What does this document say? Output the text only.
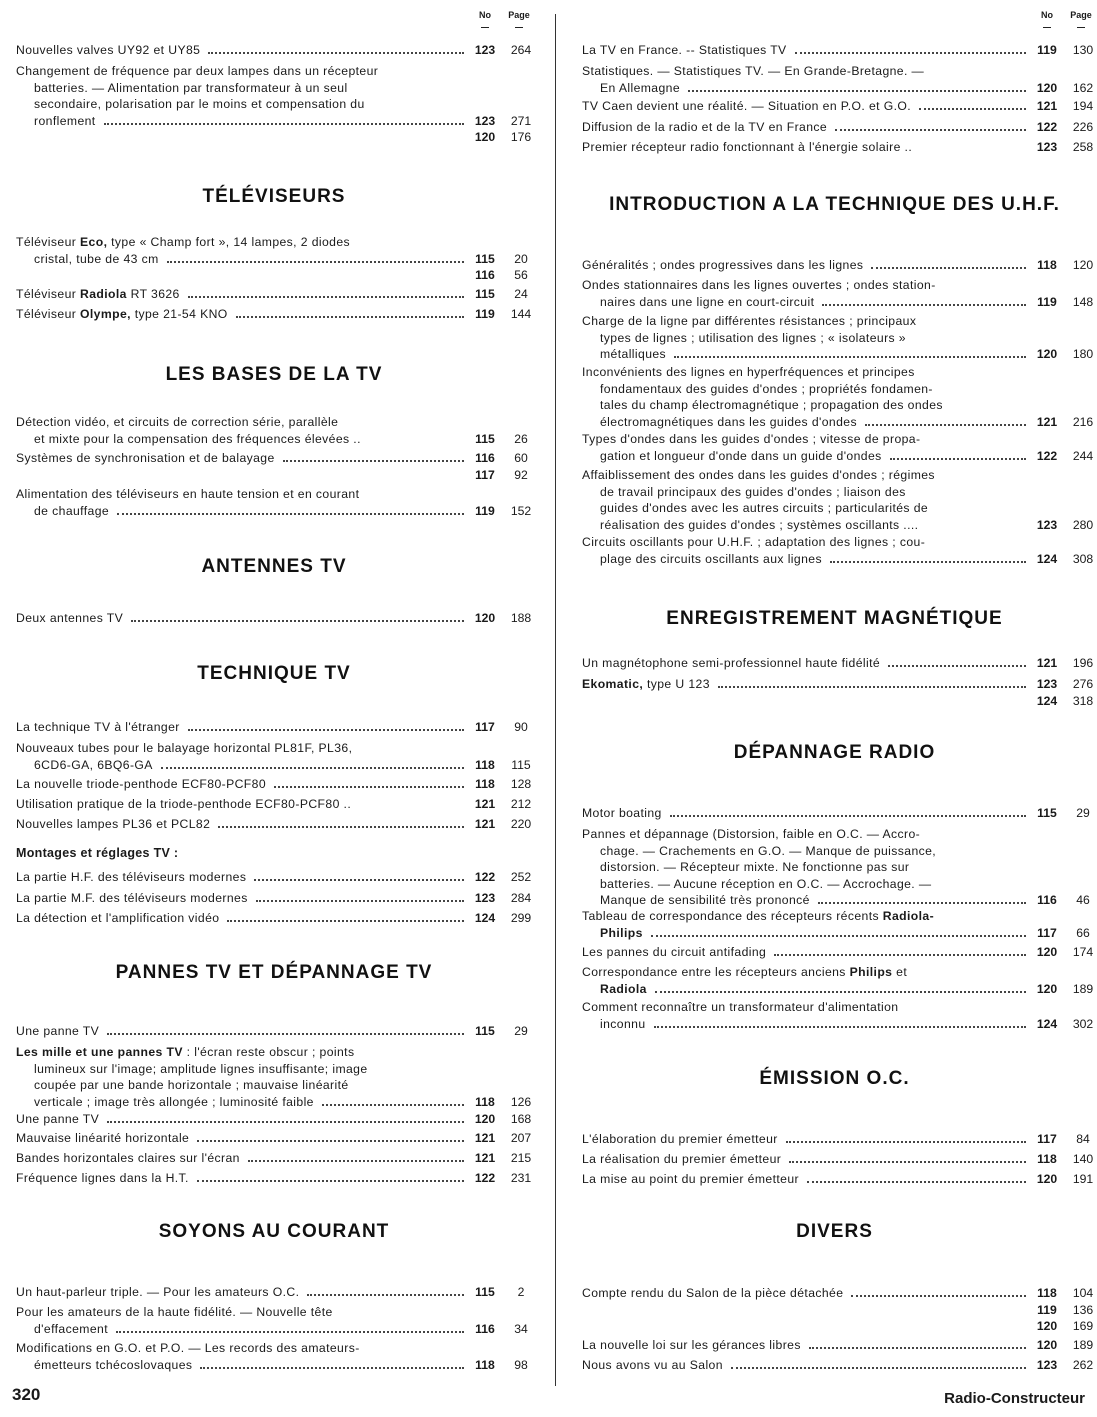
No	Page
Nouvelles valves UY92 et UY85	123	264
Changement de fréquence par deux lampes dans un récepteur
batteries. — Alimentation par transformateur à un seul
secondaire, polarisation par le moins et compensation du
ronflement	123	271
120	176
TÉLÉVISEURS
Téléviseur Eco, type « Champ fort », 14 lampes, 2 diodes
cristal, tube de 43 cm	115	20
116	56
Téléviseur Radiola RT 3626	115	24
Téléviseur Olympe, type 21-54 KNO	119	144
LES BASES DE LA TV
Détection vidéo, et circuits de correction série, parallèle
et mixte pour la compensation des fréquences élevées ..	115	26
Systèmes de synchronisation et de balayage	116	60
117	92
Alimentation des téléviseurs en haute tension et en courant
de chauffage	119	152
ANTENNES TV
Deux antennes TV	120	188
TECHNIQUE TV
La technique TV à l'étranger	117	90
Nouveaux tubes pour le balayage horizontal PL81F, PL36,
6CD6-GA, 6BQ6-GA	118	115
La nouvelle triode-penthode ECF80-PCF80	118	128
Utilisation pratique de la triode-penthode ECF80-PCF80 ..	121	212
Nouvelles lampes PL36 et PCL82	121	220
Montages et réglages TV :
La partie H.F. des téléviseurs modernes	122	252
La partie M.F. des téléviseurs modernes	123	284
La détection et l'amplification vidéo	124	299
PANNES TV ET DÉPANNAGE TV
Une panne TV	115	29
Les mille et une pannes TV : l'écran reste obscur ; points
lumineux sur l'image; amplitude lignes insuffisante; image
coupée par une bande horizontale ; mauvaise linéarité
verticale ; image très allongée ; luminosité faible	118	126
Une panne TV	120	168
Mauvaise linéarité horizontale	121	207
Bandes horizontales claires sur l'écran	121	215
Fréquence lignes dans la H.T.	122	231
SOYONS AU COURANT
Un haut-parleur triple. — Pour les amateurs O.C.	115	2
Pour les amateurs de la haute fidélité. — Nouvelle tête
d'effacement	116	34
Modifications en G.O. et P.O. — Les records des amateurs-
émetteurs tchécoslovaques	118	98
No	Page
La TV en France. -- Statistiques TV	119	130
Statistiques. — Statistiques TV. — En Grande-Bretagne. —
En Allemagne	120	162
TV Caen devient une réalité. — Situation en P.O. et G.O.	121	194
Diffusion de la radio et de la TV en France	122	226
Premier récepteur radio fonctionnant à l'énergie solaire ..	123	258
INTRODUCTION A LA TECHNIQUE DES U.H.F.
Généralités ; ondes progressives dans les lignes	118	120
Ondes stationnaires dans les lignes ouvertes ; ondes station-
naires dans une ligne en court-circuit	119	148
Charge de la ligne par différentes résistances ; principaux
types de lignes ; utilisation des lignes ; « isolateurs »
métalliques	120	180
Inconvénients des lignes en hyperfréquences et principes
fondamentaux des guides d'ondes ; propriétés fondamen-
tales du champ électromagnétique ; propagation des ondes
électromagnétiques dans les guides d'ondes	121	216
Types d'ondes dans les guides d'ondes ; vitesse de propa-
gation et longueur d'onde dans un guide d'ondes	122	244
Affaiblissement des ondes dans les guides d'ondes ; régimes
de travail principaux des guides d'ondes ; liaison des
guides d'ondes avec les autres circuits ; particularités de
réalisation des guides d'ondes ; systèmes oscillants ....	123	280
Circuits oscillants pour U.H.F. ; adaptation des lignes ; cou-
plage des circuits oscillants aux lignes	124	308
ENREGISTREMENT MAGNÉTIQUE
Un magnétophone semi-professionnel haute fidélité	121	196
Ekomatic, type U 123	123	276
124	318
DÉPANNAGE RADIO
Motor boating	115	29
Pannes et dépannage (Distorsion, faible en O.C. — Accro-
chage. — Crachements en G.O. — Manque de puissance,
distorsion. — Récepteur mixte. Ne fonctionne pas sur
batteries. — Aucune réception en O.C. — Accrochage. —
Manque de sensibilité très prononcé	116	46
Tableau de correspondance des récepteurs récents Radiola-
Philips	117	66
Les pannes du circuit antifading	120	174
Correspondance entre les récepteurs anciens Philips et
Radiola	120	189
Comment reconnaître un transformateur d'alimentation
inconnu	124	302
ÉMISSION O.C.
L'élaboration du premier émetteur	117	84
La réalisation du premier émetteur	118	140
La mise au point du premier émetteur	120	191
DIVERS
Compte rendu du Salon de la pièce détachée	118	104
119	136
120	169
La nouvelle loi sur les gérances libres	120	189
Nous avons vu au Salon	123	262
320	Radio-Constructeur
